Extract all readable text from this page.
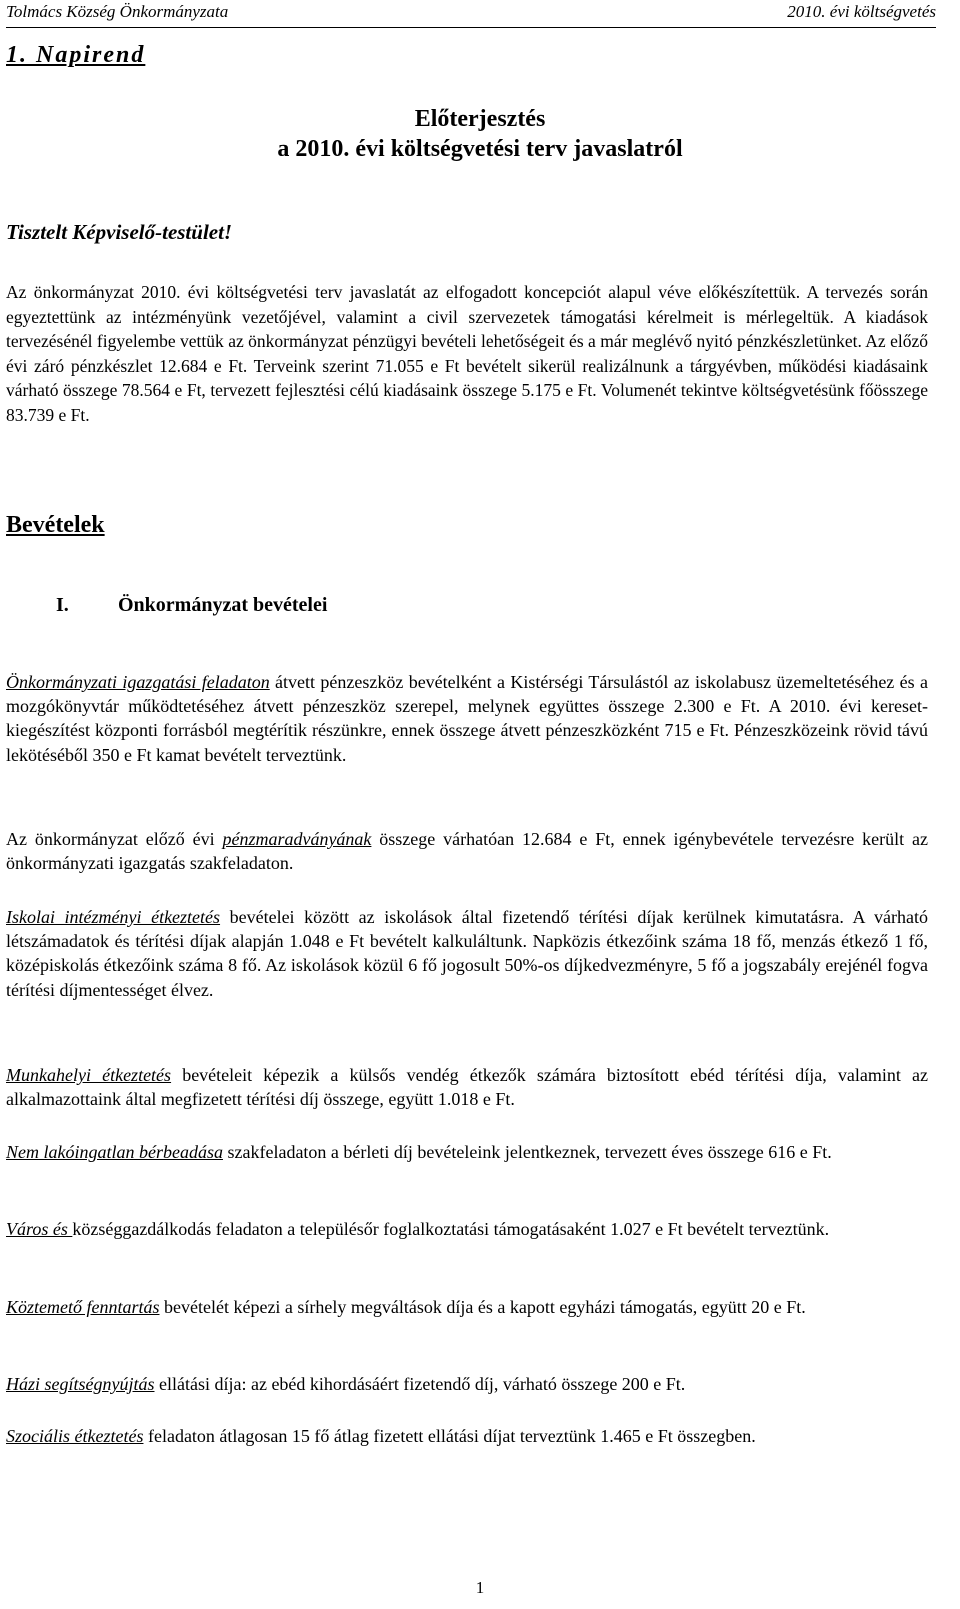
Tolmács Község Önkormányzata	2010. évi költségvetés
1. Napirend
Előterjesztés
a 2010. évi költségvetési terv javaslatról
Tisztelt Képviselő-testület!
Az önkormányzat 2010. évi költségvetési terv javaslatát az elfogadott koncepciót alapul véve előkészítettük. A tervezés során egyeztettünk az intézményünk vezetőjével, valamint a civil szervezetek támogatási kérelmeit is mérlegeltük. A kiadások tervezésénél figyelembe vettük az önkormányzat pénzügyi bevételi lehetőségeit és a már meglévő nyitó pénzkészletünket. Az előző évi záró pénzkészlet 12.684 e Ft. Terveink szerint 71.055 e Ft bevételt sikerül realizálnunk a tárgyévben, működési kiadásaink várható összege 78.564 e Ft, tervezett fejlesztési célú kiadásaink összege 5.175 e Ft. Volumenét tekintve költségvetésünk főösszege 83.739 e Ft.
Bevételek
I. Önkormányzat bevételei
Önkormányzati igazgatási feladaton átvett pénzeszköz bevételként a Kistérségi Társulástól az iskolabusz üzemeltetéséhez és a mozgókönyvtár működtetéséhez átvett pénzeszköz szerepel, melynek együttes összege 2.300 e Ft. A 2010. évi kereset-kiegészítést központi forrásból megtérítik részünkre, ennek összege átvett pénzeszközként 715 e Ft. Pénzeszközeink rövid távú lekötéséből 350 e Ft kamat bevételt terveztünk.
Az önkormányzat előző évi pénzmaradványának összege várhatóan 12.684 e Ft, ennek igénybevétele tervezésre került az önkormányzati igazgatás szakfeladaton.
Iskolai intézményi étkeztetés bevételei között az iskolások által fizetendő térítési díjak kerülnek kimutatásra. A várható létszámadatok és térítési díjak alapján 1.048 e Ft bevételt kalkuláltunk. Napközis étkezőink száma 18 fő, menzás étkező 1 fő, középiskolás étkezőink száma 8 fő. Az iskolások közül 6 fő jogosult 50%-os díjkedvezményre, 5 fő a jogszabály erejénél fogva térítési díjmentességet élvez.
Munkahelyi étkeztetés bevételeit képezik a külsős vendég étkezők számára biztosított ebéd térítési díja, valamint az alkalmazottaink által megfizetett térítési díj összege, együtt 1.018 e Ft.
Nem lakóingatlan bérbeadása szakfeladaton a bérleti díj bevételeink jelentkeznek, tervezett éves összege 616 e Ft.
Város és községgazdálkodás feladaton a településőr foglalkoztatási támogatásaként 1.027 e Ft bevételt terveztünk.
Köztemető fenntartás bevételét képezi a sírhely megváltások díja és a kapott egyházi támogatás, együtt 20 e Ft.
Házi segítségnyújtás ellátási díja: az ebéd kihordásáért fizetendő díj, várható összege 200 e Ft.
Szociális étkeztetés feladaton átlagosan 15 fő átlag fizetett ellátási díjat terveztünk 1.465 e Ft összegben.
1
